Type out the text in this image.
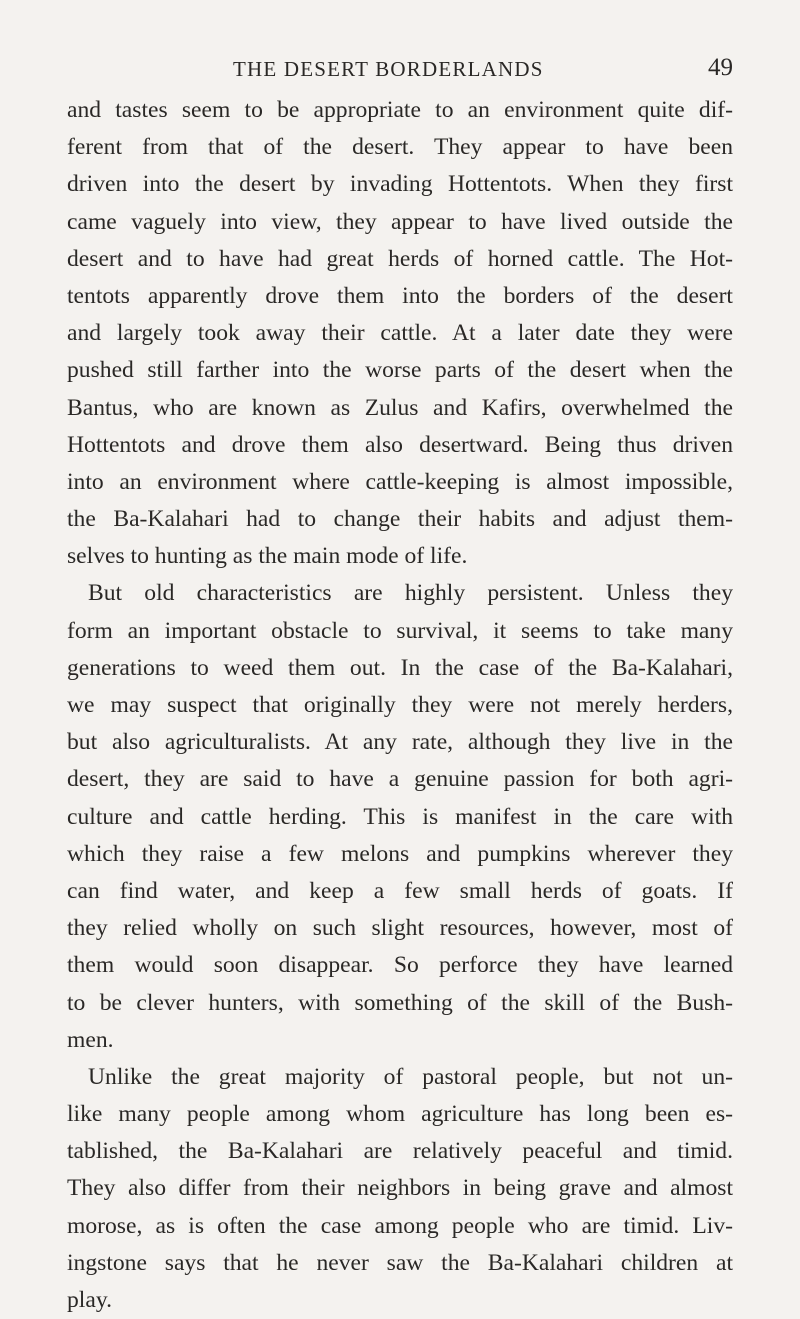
THE DESERT BORDERLANDS	49
and tastes seem to be appropriate to an environment quite dif-
ferent from that of the desert. They appear to have been
driven into the desert by invading Hottentots. When they first
came vaguely into view, they appear to have lived outside the
desert and to have had great herds of horned cattle. The Hot-
tentots apparently drove them into the borders of the desert
and largely took away their cattle. At a later date they were
pushed still farther into the worse parts of the desert when the
Bantus, who are known as Zulus and Kafirs, overwhelmed the
Hottentots and drove them also desertward. Being thus driven
into an environment where cattle-keeping is almost impossible,
the Ba-Kalahari had to change their habits and adjust them-
selves to hunting as the main mode of life.
But old characteristics are highly persistent. Unless they
form an important obstacle to survival, it seems to take many
generations to weed them out. In the case of the Ba-Kalahari,
we may suspect that originally they were not merely herders,
but also agriculturalists. At any rate, although they live in the
desert, they are said to have a genuine passion for both agri-
culture and cattle herding. This is manifest in the care with
which they raise a few melons and pumpkins wherever they
can find water, and keep a few small herds of goats. If
they relied wholly on such slight resources, however, most of
them would soon disappear. So perforce they have learned
to be clever hunters, with something of the skill of the Bush-
men.
Unlike the great majority of pastoral people, but not un-
like many people among whom agriculture has long been es-
tablished, the Ba-Kalahari are relatively peaceful and timid.
They also differ from their neighbors in being grave and almost
morose, as is often the case among people who are timid. Liv-
ingstone says that he never saw the Ba-Kalahari children at
play.
